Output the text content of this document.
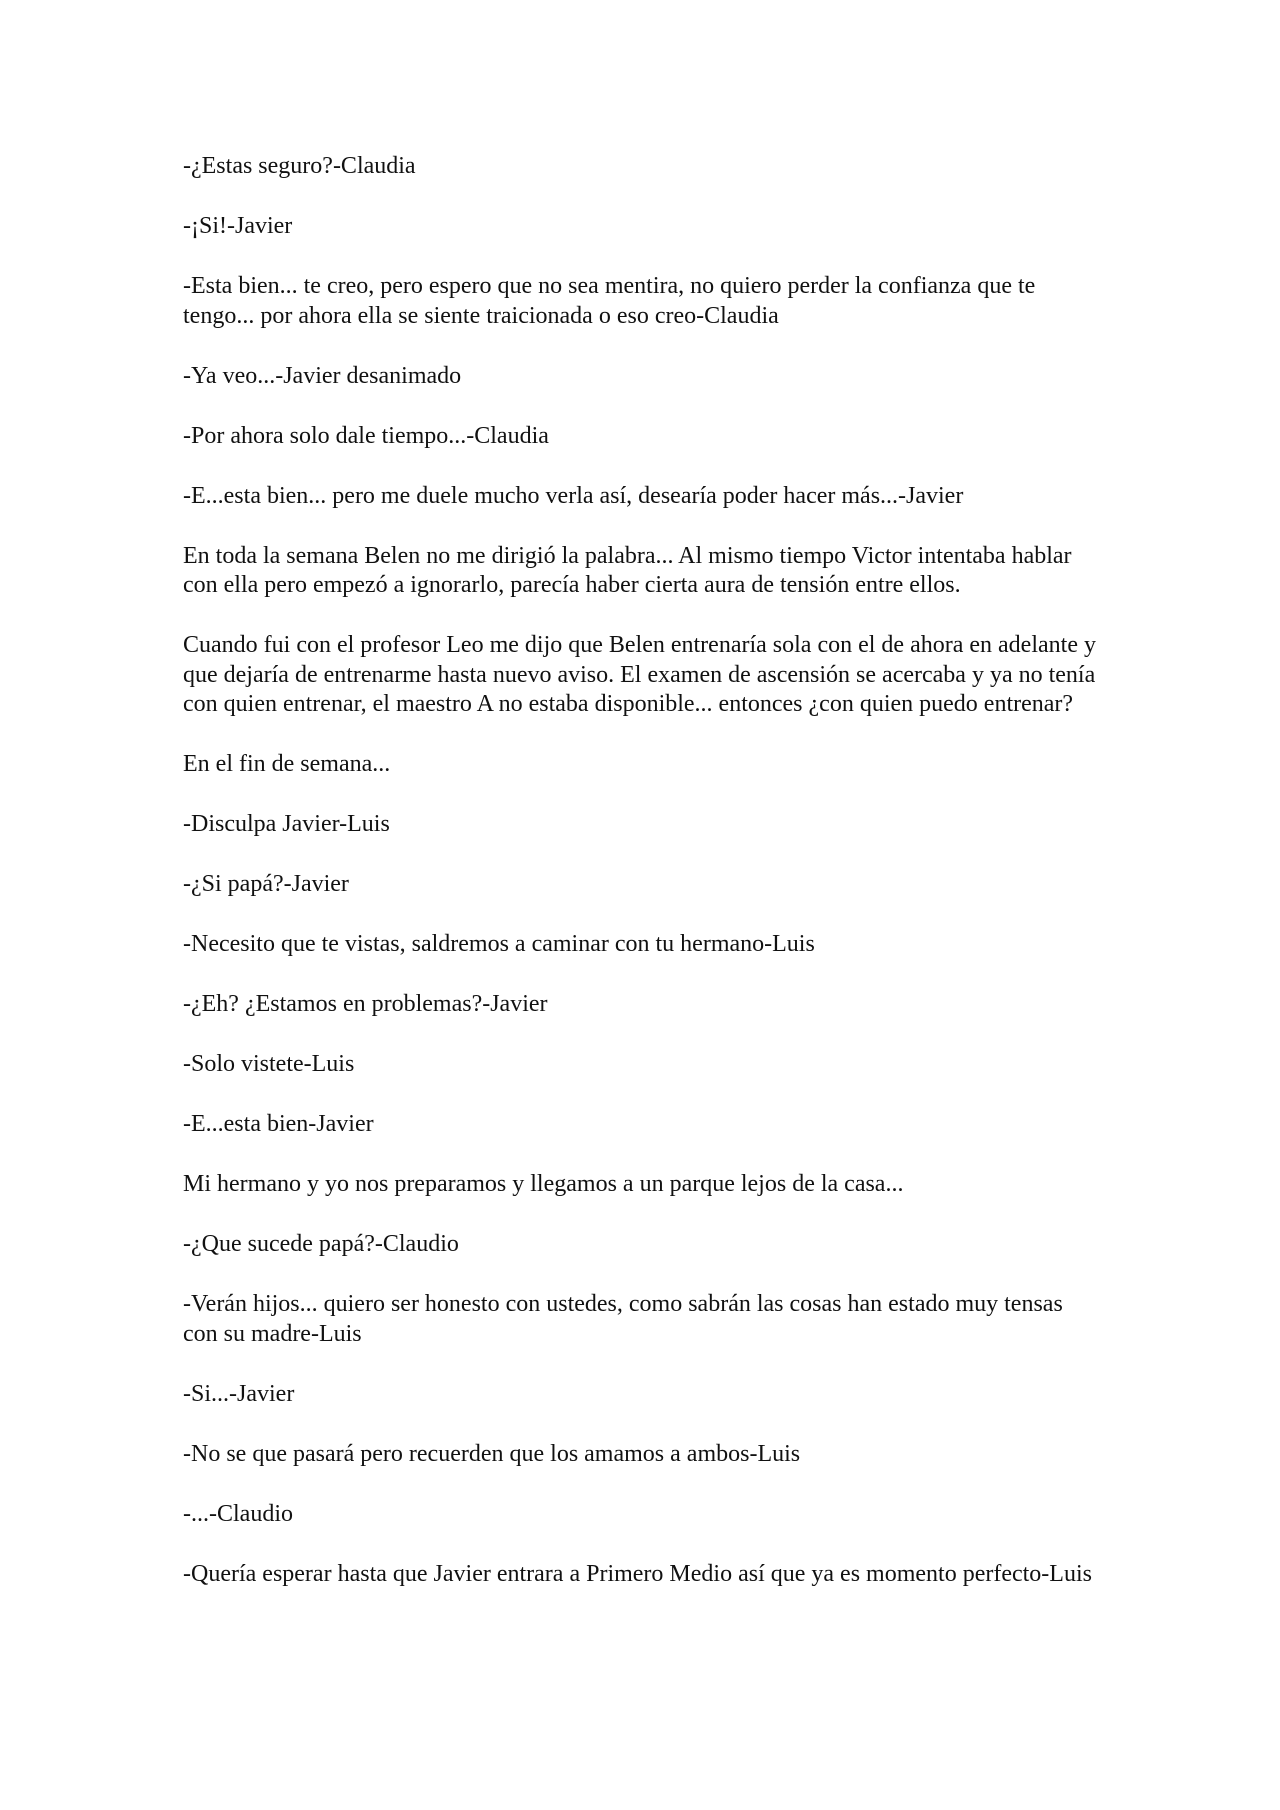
-¿Estas seguro?-Claudia

-¡Si!-Javier

-Esta bien... te creo, pero espero que no sea mentira, no quiero perder la confianza que te tengo... por ahora ella se siente traicionada o eso creo-Claudia

-Ya veo...-Javier desanimado

-Por ahora solo dale tiempo...-Claudia

-E...esta bien... pero me duele mucho verla así, desearía poder hacer más...-Javier

En toda la semana Belen no me dirigió la palabra... Al mismo tiempo Victor intentaba hablar con ella pero empezó a ignorarlo, parecía haber cierta aura de tensión entre ellos.

Cuando fui con el profesor Leo me dijo que Belen entrenaría sola con el de ahora en adelante y que dejaría de entrenarme hasta nuevo aviso. El examen de ascensión se acercaba y ya no tenía con quien entrenar, el maestro A no estaba disponible... entonces ¿con quien puedo entrenar?

En el fin de semana...

-Disculpa Javier-Luis

-¿Si papá?-Javier

-Necesito que te vistas, saldremos a caminar con tu hermano-Luis

-¿Eh? ¿Estamos en problemas?-Javier

-Solo vistete-Luis

-E...esta bien-Javier

Mi hermano y yo nos preparamos y llegamos a un parque lejos de la casa...

-¿Que sucede papá?-Claudio

-Verán hijos... quiero ser honesto con ustedes, como sabrán las cosas han estado muy tensas con su madre-Luis

-Si...-Javier

-No se que pasará pero recuerden que los amamos a ambos-Luis

-...-Claudio

-Quería esperar hasta que Javier entrara a Primero Medio así que ya es momento perfecto-Luis
